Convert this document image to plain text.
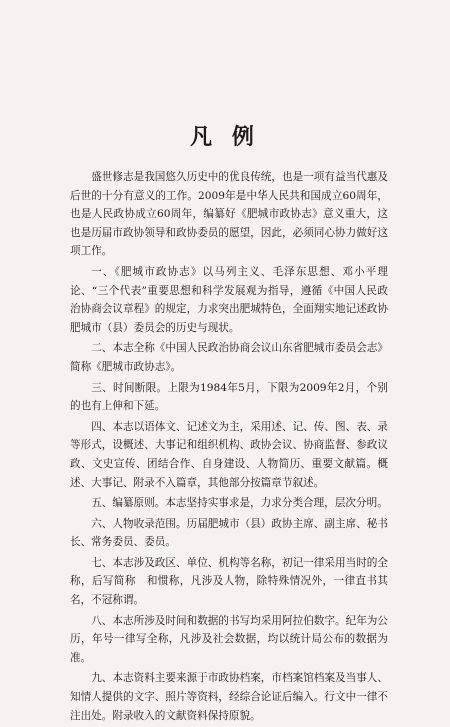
凡 例

盛世修志是我国悠久历史中的优良传统，也是一项有益当代惠及后世的十分有意义的工作。2009年是中华人民共和国成立60周年，也是人民政协成立60周年，编纂好《肥城市政协志》意义重大，这也是历届市政协领导和政协委员的愿望，因此，必须同心协力做好这项工作。

一、《肥城市政协志》以马列主义、毛泽东思想、邓小平理论、“三个代表”重要思想和科学发展观为指导，遵循《中国人民政治协商会议章程》的规定，力求突出肥城特色，全面翔实地记述政协肥城市（县）委员会的历史与现状。

二、本志全称《中国人民政治协商会议山东省肥城市委员会志》简称《肥城市政协志》。

三、时间断限。上限为1984年5月，下限为2009年2月，个别的也有上伸和下延。

四、本志以语体文、记述文为主，采用述、记、传、图、表、录等形式，设概述、大事记和组织机构、政协会议、协商监督、参政议政、文史宣传、团结合作、自身建设、人物简历、重要文献篇。概述、大事记、附录不入篇章，其他部分按篇章节叙述。

五、编纂原则。本志坚持实事求是，力求分类合理，层次分明。

六、人物收录范围。历届肥城市（县）政协主席、副主席、秘书长、常务委员、委员。

七、本志涉及政区、单位、机构等名称，初记一律采用当时的全称，后写简称　和惯称，凡涉及人物，除特殊情况外，一律直书其名，不冠称谓。

八、本志所涉及时间和数据的书写均采用阿拉伯数字。纪年为公历，年号一律写全称，凡涉及社会数据，均以统计局公布的数据为准。

九、本志资料主要来源于市政协档案，市档案馆档案及当事人、知情人提供的文字、照片等资料，经综合论证后编入。行文中一律不注出处。附录收入的文献资料保持原貌。
